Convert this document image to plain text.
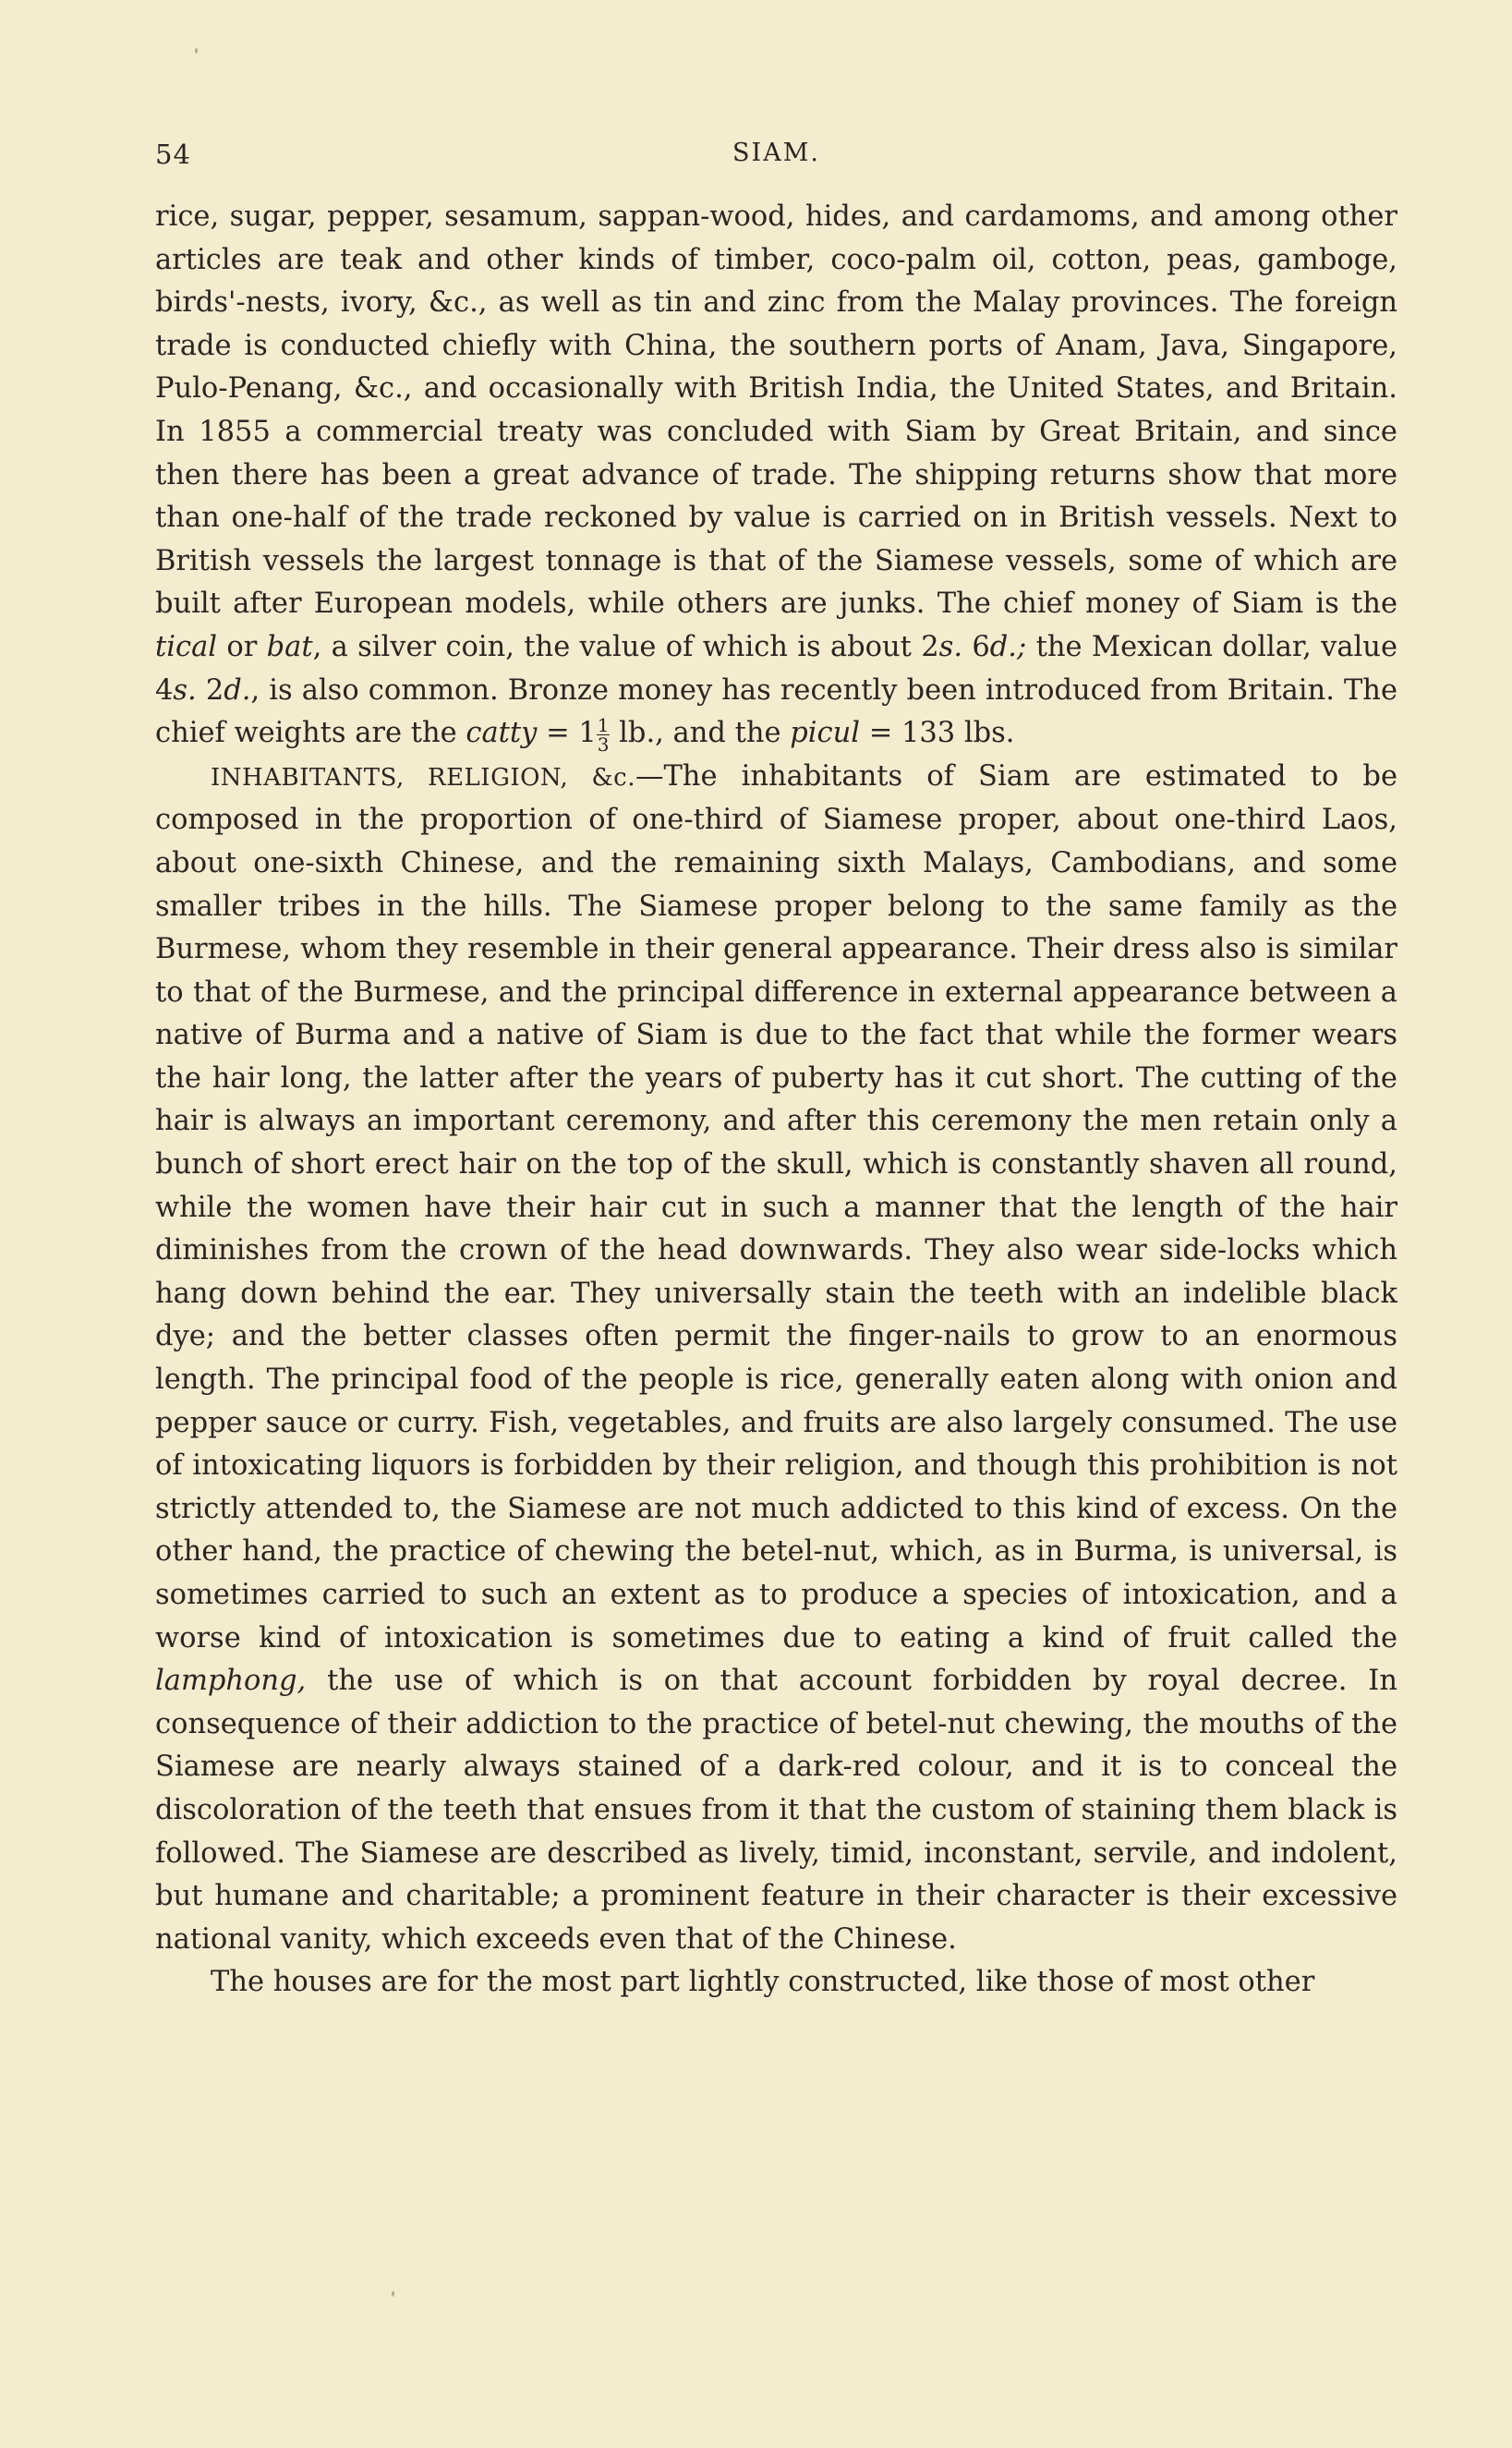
54	SIAM.

rice, sugar, pepper, sesamum, sappan-wood, hides, and cardamoms, and among other articles are teak and other kinds of timber, coco-palm oil, cotton, peas, gamboge, birds'-nests, ivory, &c., as well as tin and zinc from the Malay provinces. The foreign trade is conducted chiefly with China, the southern ports of Anam, Java, Singapore, Pulo-Penang, &c., and occasionally with British India, the United States, and Britain. In 1855 a commercial treaty was concluded with Siam by Great Britain, and since then there has been a great advance of trade. The shipping returns show that more than one-half of the trade reckoned by value is carried on in British vessels. Next to British vessels the largest tonnage is that of the Siamese vessels, some of which are built after European models, while others are junks. The chief money of Siam is the tical or bat, a silver coin, the value of which is about 2s. 6d.; the Mexican dollar, value 4s. 2d., is also common. Bronze money has recently been introduced from Britain. The chief weights are the catty = $1 \frac{1}{3}$ lb., and the picul = 133 lbs.

INHABITANTS, RELIGION, &c.—The inhabitants of Siam are estimated to be composed in the proportion of one-third of Siamese proper, about one-third Laos, about one-sixth Chinese, and the remaining sixth Malays, Cambodians, and some smaller tribes in the hills. The Siamese proper belong to the same family as the Burmese, whom they resemble in their general appearance. Their dress also is similar to that of the Burmese, and the principal difference in external appearance between a native of Burma and a native of Siam is due to the fact that while the former wears the hair long, the latter after the years of puberty has it cut short. The cutting of the hair is always an important ceremony, and after this ceremony the men retain only a bunch of short erect hair on the top of the skull, which is constantly shaven all round, while the women have their hair cut in such a manner that the length of the hair diminishes from the crown of the head downwards. They also wear side-locks which hang down behind the ear. They universally stain the teeth with an indelible black dye; and the better classes often permit the finger-nails to grow to an enormous length. The principal food of the people is rice, generally eaten along with onion and pepper sauce or curry. Fish, vegetables, and fruits are also largely consumed. The use of intoxicating liquors is forbidden by their religion, and though this prohibition is not strictly attended to, the Siamese are not much addicted to this kind of excess. On the other hand, the practice of chewing the betel-nut, which, as in Burma, is universal, is sometimes carried to such an extent as to produce a species of intoxication, and a worse kind of intoxication is sometimes due to eating a kind of fruit called the lamphong, the use of which is on that account forbidden by royal decree. In consequence of their addiction to the practice of betel-nut chewing, the mouths of the Siamese are nearly always stained of a dark-red colour, and it is to conceal the discoloration of the teeth that ensues from it that the custom of staining them black is followed. The Siamese are described as lively, timid, inconstant, servile, and indolent, but humane and charitable; a prominent feature in their character is their excessive national vanity, which exceeds even that of the Chinese.

The houses are for the most part lightly constructed, like those of most other
